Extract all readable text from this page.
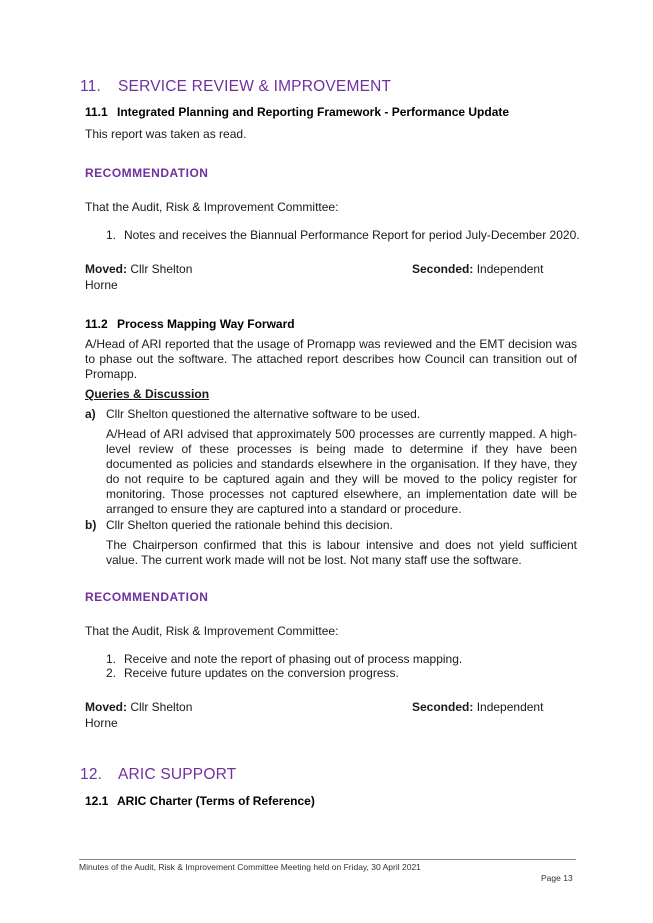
11. SERVICE REVIEW & IMPROVEMENT
11.1 Integrated Planning and Reporting Framework - Performance Update
This report was taken as read.
RECOMMENDATION
That the Audit, Risk & Improvement Committee:
1. Notes and receives the Biannual Performance Report for period July-December 2020.
Moved: Cllr Shelton	Seconded: Independent
Horne
11.2 Process Mapping Way Forward
A/Head of ARI reported that the usage of Promapp was reviewed and the EMT decision was to phase out the software. The attached report describes how Council can transition out of Promapp.
Queries & Discussion
a) Cllr Shelton questioned the alternative software to be used.
A/Head of ARI advised that approximately 500 processes are currently mapped. A high-level review of these processes is being made to determine if they have been documented as policies and standards elsewhere in the organisation. If they have, they do not require to be captured again and they will be moved to the policy register for monitoring. Those processes not captured elsewhere, an implementation date will be arranged to ensure they are captured into a standard or procedure.
b) Cllr Shelton queried the rationale behind this decision.
The Chairperson confirmed that this is labour intensive and does not yield sufficient value. The current work made will not be lost. Not many staff use the software.
RECOMMENDATION
That the Audit, Risk & Improvement Committee:
1. Receive and note the report of phasing out of process mapping.
2. Receive future updates on the conversion progress.
Moved: Cllr Shelton	Seconded: Independent
Horne
12. ARIC SUPPORT
12.1 ARIC Charter (Terms of Reference)
Minutes of the Audit, Risk & Improvement Committee Meeting held on Friday, 30 April 2021
Page 13
